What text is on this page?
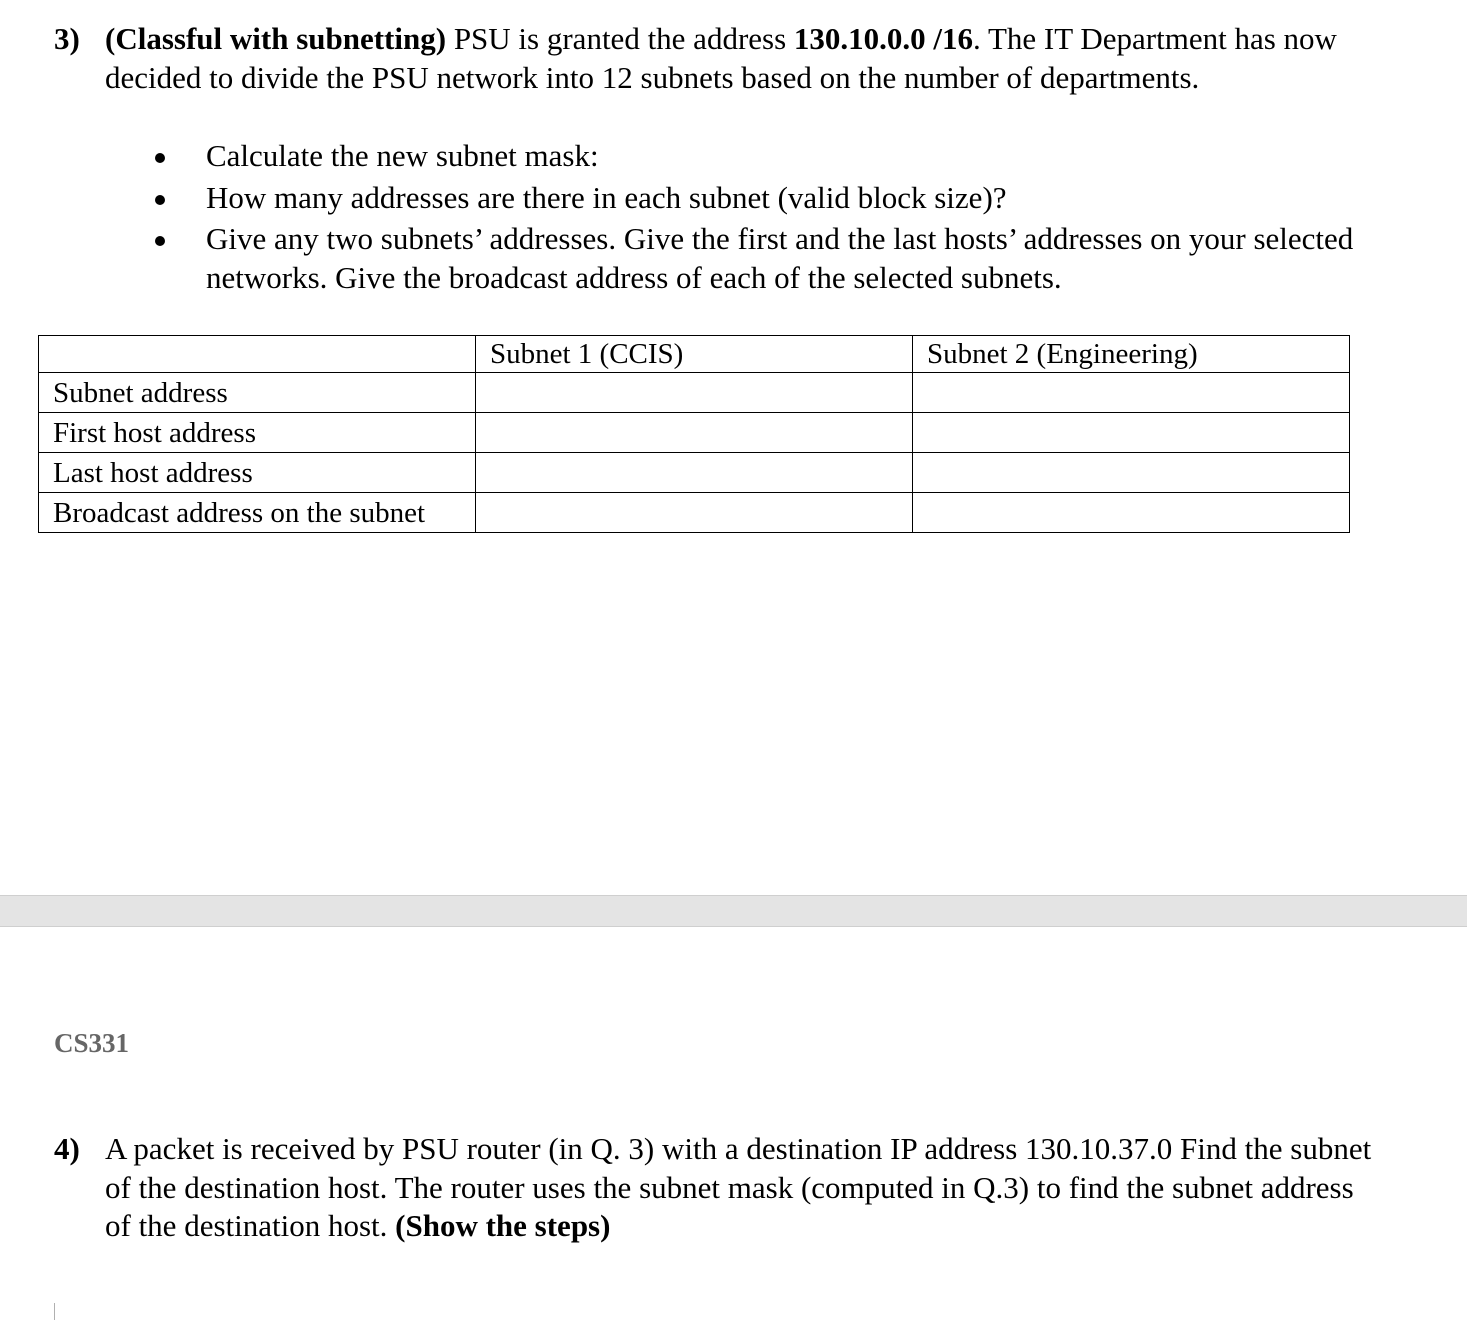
3) (Classful with subnetting) PSU is granted the address 130.10.0.0 /16. The IT Department has now decided to divide the PSU network into 12 subnets based on the number of departments.
Calculate the new subnet mask:
How many addresses are there in each subnet (valid block size)?
Give any two subnets’ addresses. Give the first and the last hosts’ addresses on your selected networks. Give the broadcast address of each of the selected subnets.
	Subnet 1 (CCIS)	Subnet 2 (Engineering)
Subnet address		
First host address		
Last host address		
Broadcast address on the subnet		
CS331
4) A packet is received by PSU router (in Q. 3) with a destination IP address 130.10.37.0 Find the subnet of the destination host. The router uses the subnet mask (computed in Q.3) to find the subnet address of the destination host. (Show the steps)
